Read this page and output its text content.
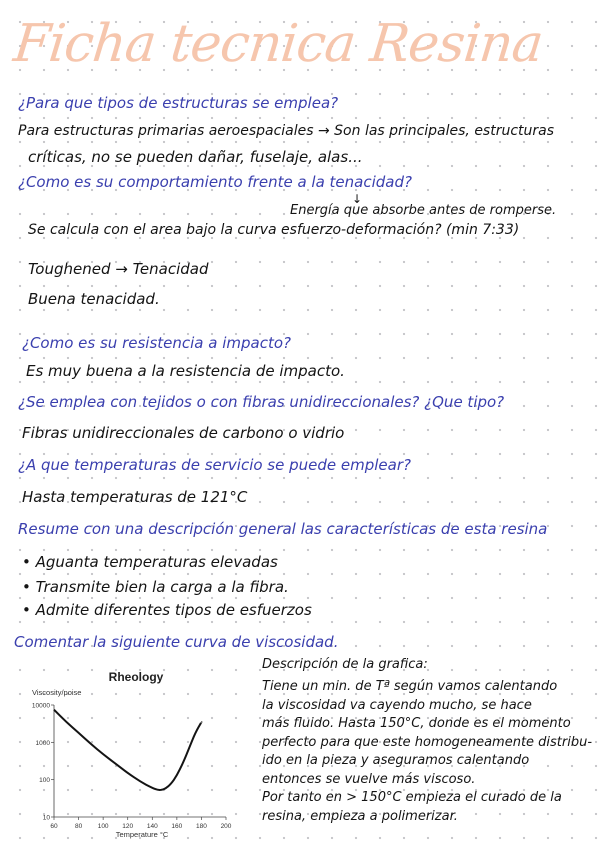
Ficha tecnica Resina
¿Para que tipos de estructuras se emplea?
Para estructuras primarias aeroespaciales → Son las principales, estructuras
críticas, no se pueden dañar, fuselaje, alas...
¿Como es su comportamiento frente a la tenacidad?
↓
Energía que absorbe antes de romperse.
Se calcula con el area bajo la curva esfuerzo-deformación? (min 7:33)
Toughened → Tenacidad
Buena tenacidad.
¿Como es su resistencia a impacto?
Es muy buena a la resistencia de impacto.
¿Se emplea con tejidos o con fibras unidireccionales? ¿Que tipo?
Fibras unidireccionales de carbono o vidrio
¿A que temperaturas de servicio se puede emplear?
Hasta temperaturas de 121°C
Resume con una descripción general las características de esta resina
• Aguanta temperaturas elevadas
• Transmite bien la carga a la fibra.
• Admite diferentes tipos de esfuerzos
Comentar la siguiente curva de viscosidad.
Rheology
Viscosity/poise
Temperature °C
60	80 100 120 140 160 180 200
10
100
1000
10000
Descripción de la grafica:
Tiene un min. de Tª según vamos calentando
la viscosidad va cayendo mucho, se hace
más fluido. Hasta 150°C, donde es el momento
perfecto para que este homogeneamente distribu-
ido en la pieza y aseguramos calentando
entonces se vuelve más viscoso.
Por tanto en > 150°C empieza el curado de la
resina, empieza a polimerizar.
